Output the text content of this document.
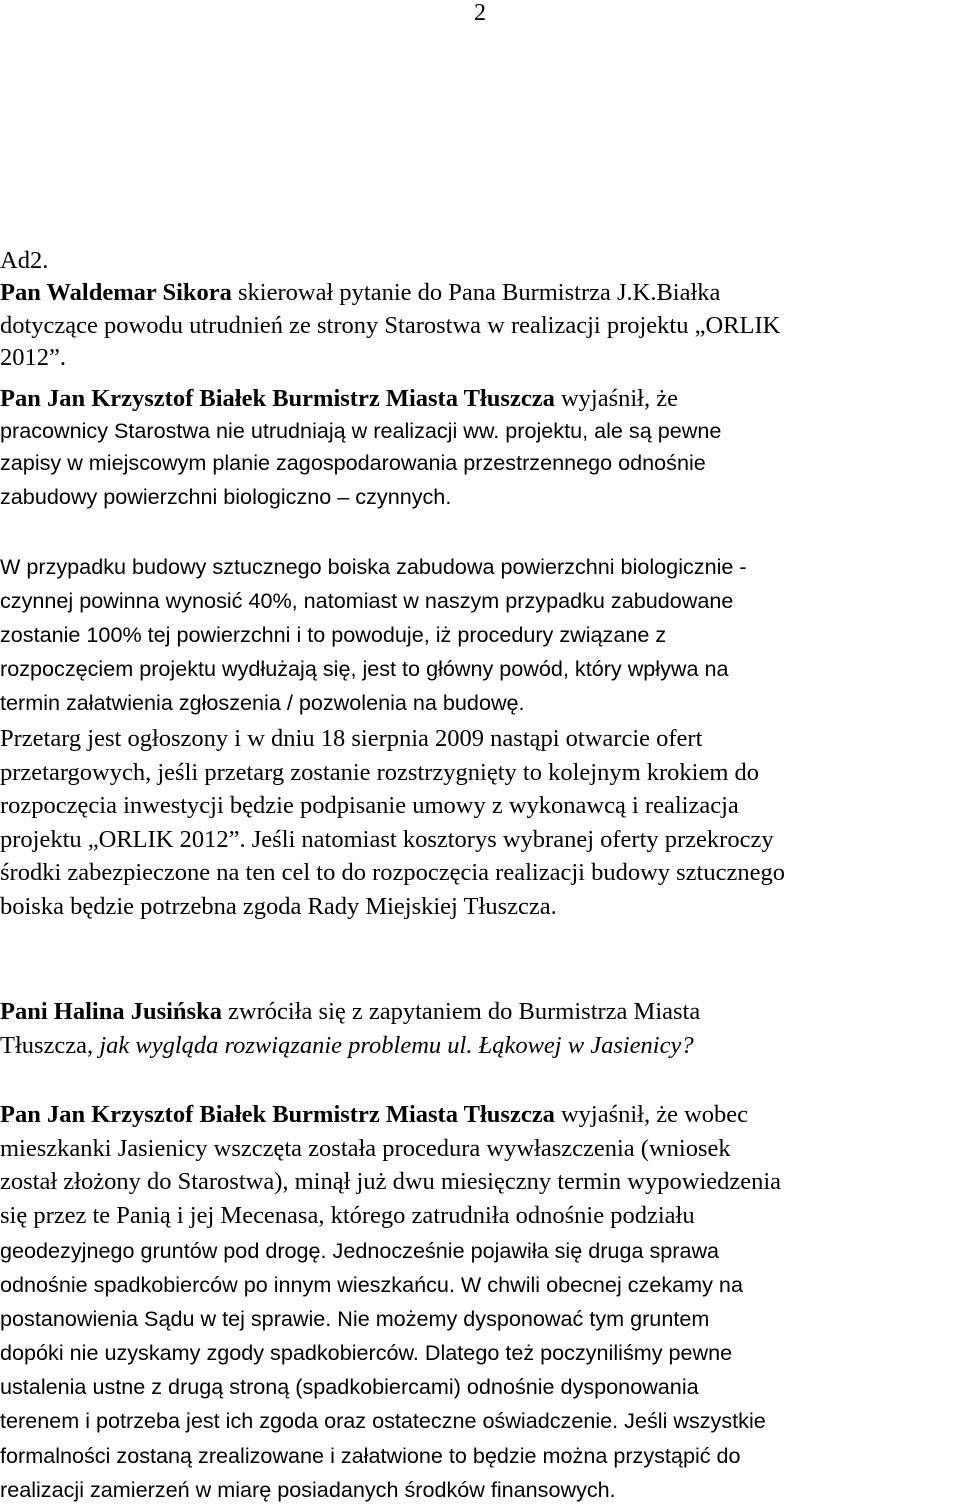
2
Ad2.
Pan Waldemar Sikora skierował pytanie do Pana Burmistrza J.K.Białka
dotyczące powodu utrudnień ze strony Starostwa w realizacji projektu „ORLIK
2012”.
Pan Jan Krzysztof Białek Burmistrz Miasta Tłuszcza wyjaśnił, że
pracownicy Starostwa nie utrudniają w realizacji ww. projektu, ale są pewne
zapisy w miejscowym planie zagospodarowania przestrzennego odnośnie
zabudowy powierzchni biologiczno – czynnych.
W przypadku budowy sztucznego boiska zabudowa powierzchni biologicznie -
czynnej powinna wynosić 40%, natomiast w naszym przypadku zabudowane
zostanie 100% tej powierzchni i to powoduje, iż procedury związane z
rozpoczęciem projektu wydłużają się, jest to główny powód, który wpływa na
termin załatwienia zgłoszenia / pozwolenia na budowę.
Przetarg jest ogłoszony i w dniu 18 sierpnia 2009 nastąpi otwarcie ofert
przetargowych, jeśli przetarg zostanie rozstrzygnięty to kolejnym krokiem do
rozpoczęcia inwestycji będzie podpisanie umowy z wykonawcą i realizacja
projektu „ORLIK 2012”. Jeśli natomiast kosztorys wybranej oferty przekroczy
środki zabezpieczone na ten cel to do rozpoczęcia realizacji budowy sztucznego
boiska będzie potrzebna zgoda Rady Miejskiej Tłuszcza.
Pani Halina Jusińska zwróciła się z zapytaniem do Burmistrza Miasta
Tłuszcza, jak wygląda rozwiązanie problemu ul. Łąkowej w Jasienicy?
Pan Jan Krzysztof Białek Burmistrz Miasta Tłuszcza wyjaśnił, że wobec
mieszkanki Jasienicy wszczęta została procedura wywłaszczenia (wniosek
został złożony do Starostwa), minął już dwu miesięczny termin wypowiedzenia
się przez te Panią i jej Mecenasa, którego zatrudniła odnośnie podziału
geodezyjnego gruntów pod drogę. Jednocześnie pojawiła się druga sprawa
odnośnie spadkobierców po innym wieszkańcu. W chwili obecnej czekamy na
postanowienia Sądu w tej sprawie. Nie możemy dysponować tym gruntem
dopóki nie uzyskamy zgody spadkobierców. Dlatego też poczyniliśmy pewne
ustalenia ustne z drugą stroną (spadkobiercami) odnośnie dysponowania
terenem i potrzeba jest ich zgoda oraz ostateczne oświadczenie. Jeśli wszystkie
formalności zostaną zrealizowane i załatwione to będzie można przystąpić do
realizacji zamierzeń w miarę posiadanych środków finansowych.
